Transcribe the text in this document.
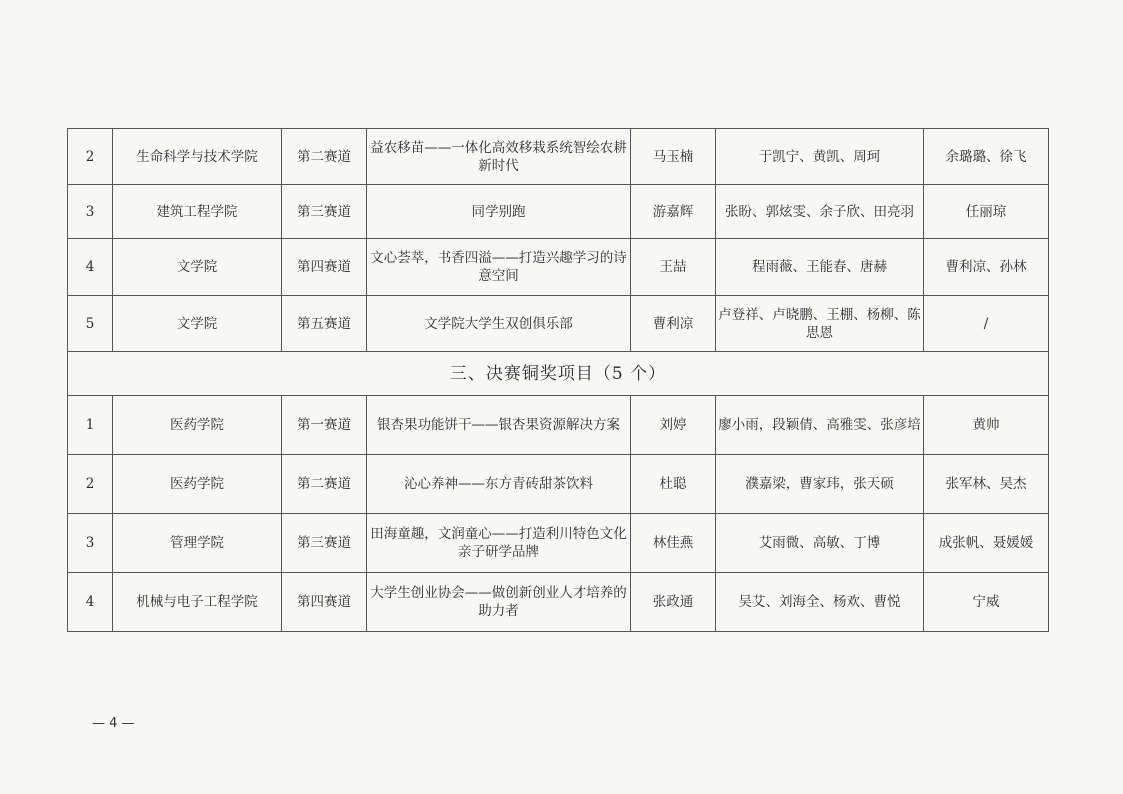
2	生命科学与技术学院	第二赛道	益农移苗——一体化高效移栽系统智绘农耕新时代	马玉楠	于凯宁、黄凯、周珂	余璐璐、徐飞
3	建筑工程学院	第三赛道	同学别跑	游嘉辉	张盼、郭炫雯、余子欣、田亮羽	任丽琼
4	文学院	第四赛道	文心荟萃，书香四溢——打造兴趣学习的诗意空间	王喆	程雨薇、王能春、唐赫	曹利凉、孙林
5	文学院	第五赛道	文学院大学生双创俱乐部	曹利凉	卢登祥、卢晓鹏、王棚、杨柳、陈思恩	/
三、决赛铜奖项目（5 个）						
1	医药学院	第一赛道	银杏果功能饼干——银杏果资源解决方案	刘婷	廖小雨，段颖倩、高雅雯、张彦培	黄帅
2	医药学院	第二赛道	沁心养神——东方青砖甜茶饮料	杜聪	濮嘉梁，曹家玮，张天硕	张军林、吴杰
3	管理学院	第三赛道	田海童趣，文润童心——打造利川特色文化亲子研学品牌	林佳燕	艾雨微、高敏、丁博	成张帆、聂媛媛
4	机械与电子工程学院	第四赛道	大学生创业协会——做创新创业人才培养的助力者	张政通	吴艾、刘海全、杨欢、曹悦	宁威
— 4 —
